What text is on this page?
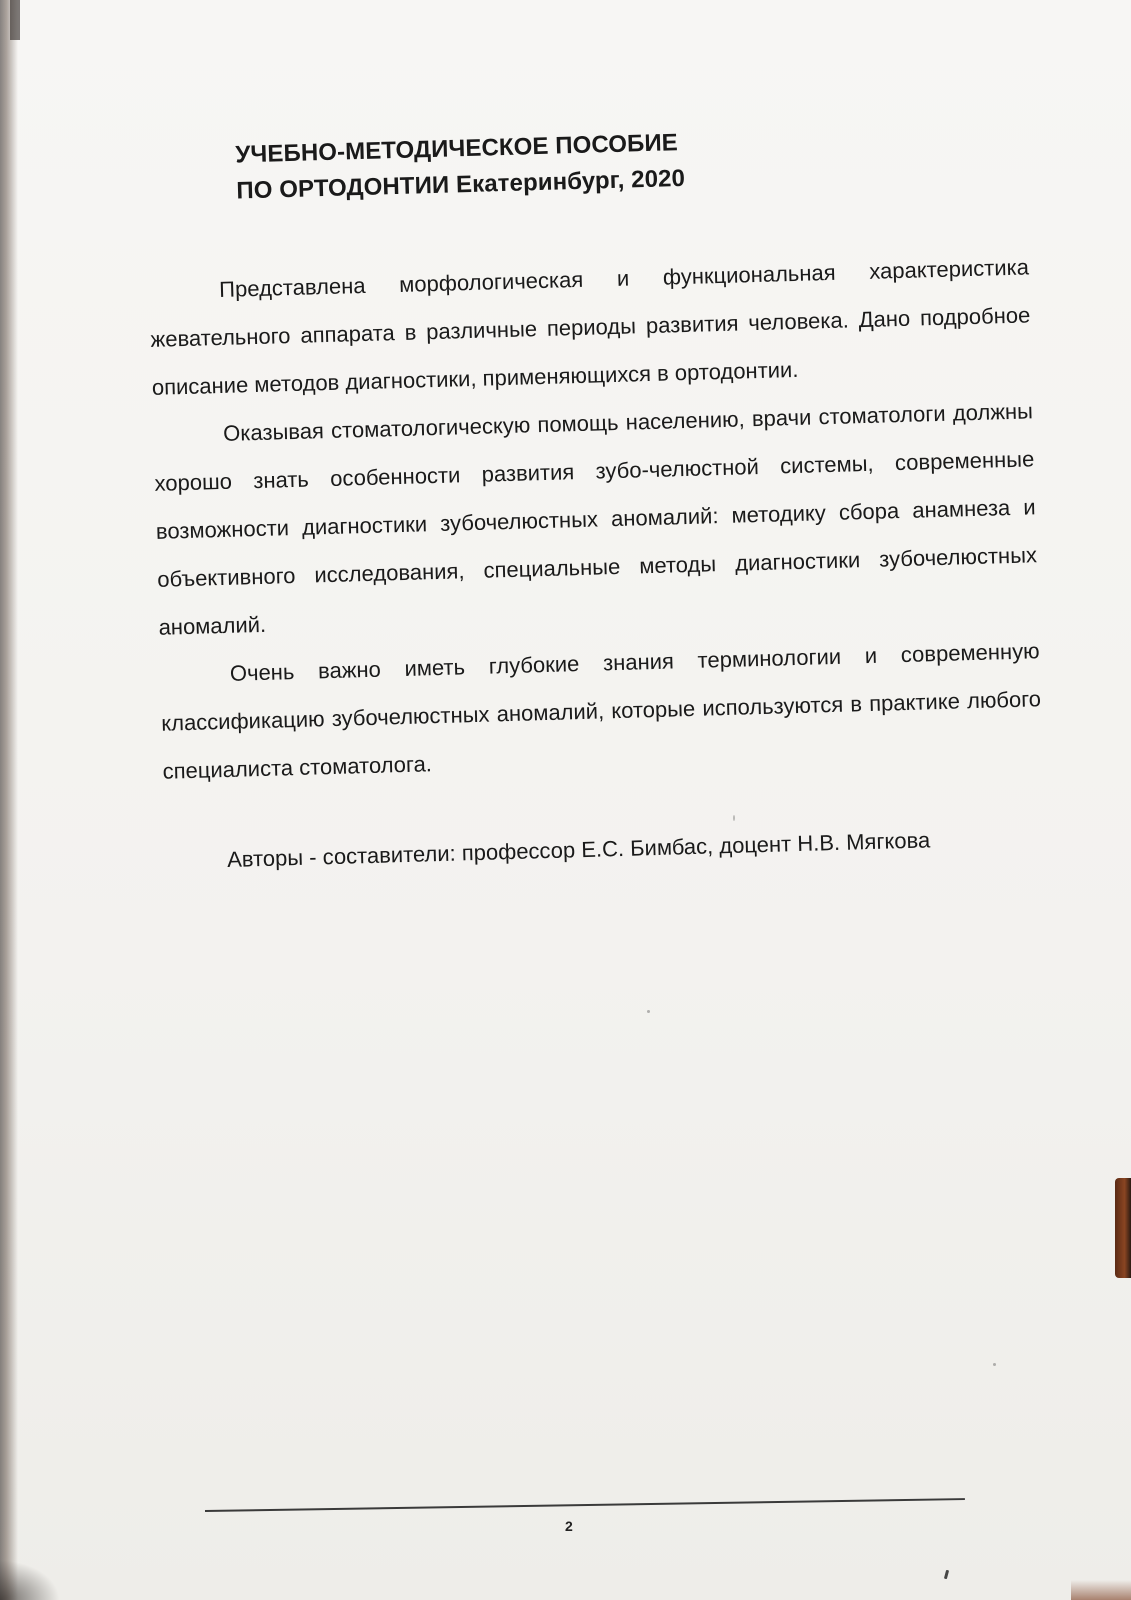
УЧЕБНО-МЕТОДИЧЕСКОЕ ПОСОБИЕ ПО ОРТОДОНТИИ Екатеринбург, 2020

Представлена морфологическая и функциональная характеристика жевательного аппарата в различные периоды развития человека. Дано подробное описание методов диагностики, применяющихся в ортодонтии.

Оказывая стоматологическую помощь населению, врачи стоматологи должны хорошо знать особенности развития зубо-челюстной системы, современные возможности диагностики зубочелюстных аномалий: методику сбора анамнеза и объективного исследования, специальные методы диагностики зубочелюстных аномалий.

Очень важно иметь глубокие знания терминологии и современную классификацию зубочелюстных аномалий, которые используются в практике любого специалиста стоматолога.

Авторы - составители: профессор Е.С. Бимбас, доцент Н.В. Мягкова

2
